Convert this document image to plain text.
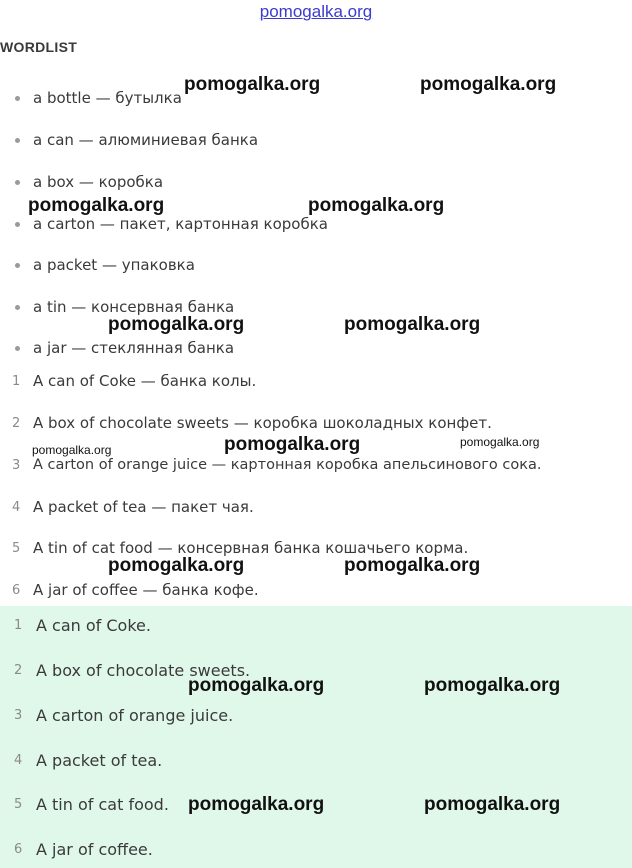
pomogalka.org
WORDLIST
a bottle — бутылка
a can — алюминиевая банка
a box — коробка
a carton — пакет, картонная коробка
a packet — упаковка
a tin — консервная банка
a jar — стеклянная банка
1 A can of Coke — банка колы.
2 A box of chocolate sweets — коробка шоколадных конфет.
3 A carton of orange juice — картонная коробка апельсинового сока.
4 A packet of tea — пакет чая.
5 A tin of cat food — консервная банка кошачьего корма.
6 A jar of coffee — банка кофе.
1 A can of Coke.
2 A box of chocolate sweets.
3 A carton of orange juice.
4 A packet of tea.
5 A tin of cat food.
6 A jar of coffee.
pomogalka.org	pomogalka.org
pomogalka.org	pomogalka.org
pomogalka.org	pomogalka.org
pomogalka.org	pomogalka.org	pomogalka.org
pomogalka.org	pomogalka.org
pomogalka.org	pomogalka.org
pomogalka.org	pomogalka.org
